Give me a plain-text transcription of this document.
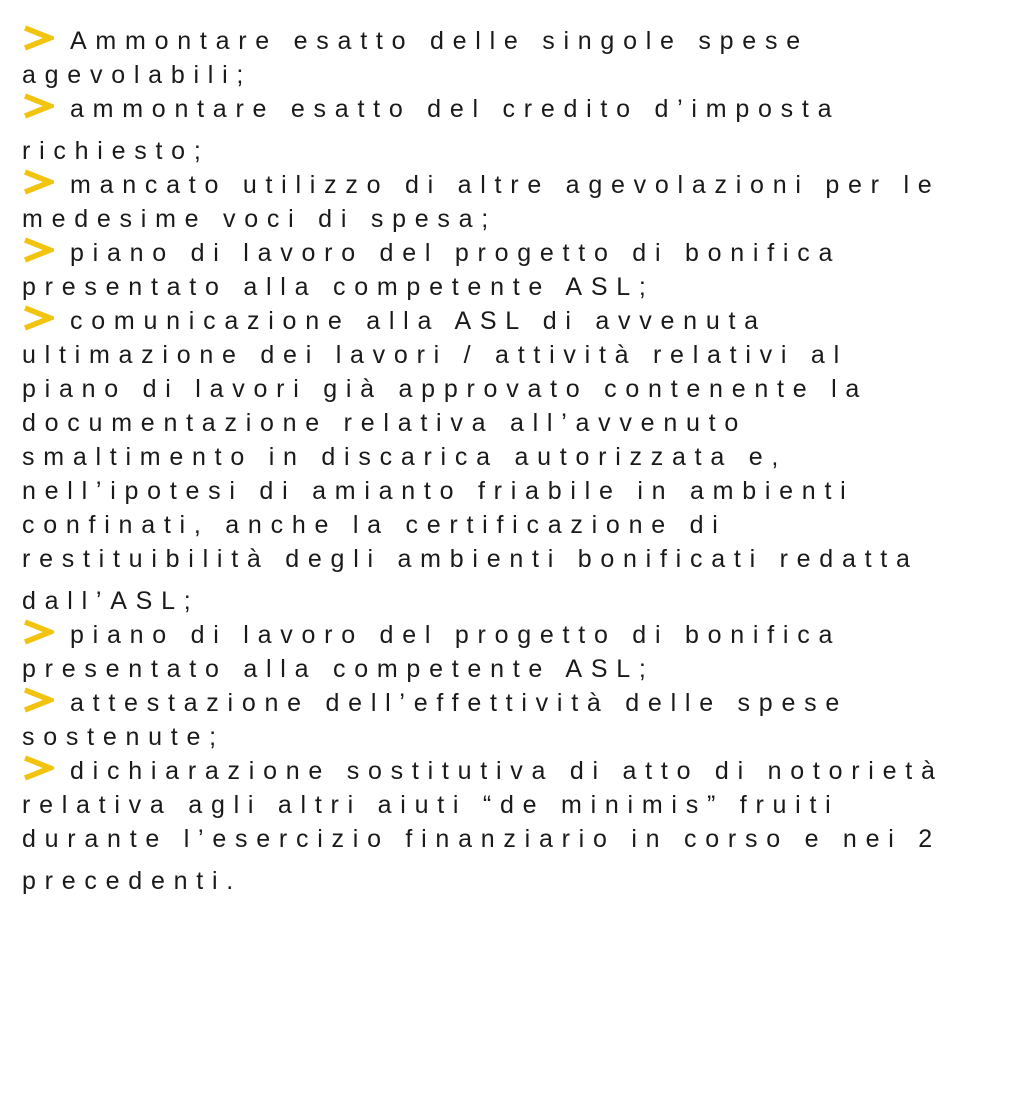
Ammontare esatto delle singole spese
agevolabili;
ammontare esatto del credito d’imposta
richiesto;
mancato utilizzo di altre agevolazioni per le
medesime voci di spesa;
piano di lavoro del progetto di bonifica
presentato alla competente ASL;
comunicazione alla ASL di avvenuta
ultimazione dei lavori / attività relativi al
piano di lavori già approvato contenente la
documentazione relativa all’avvenuto
smaltimento in discarica autorizzata e,
nell’ipotesi di amianto friabile in ambienti
confinati, anche la certificazione di
restituibilità degli ambienti bonificati redatta
dall’ASL;
piano di lavoro del progetto di bonifica
presentato alla competente ASL;
attestazione dell’effettività delle spese
sostenute;
dichiarazione sostitutiva di atto di notorietà
relativa agli altri aiuti “de minimis” fruiti
durante l’esercizio finanziario in corso e nei 2
precedenti.
